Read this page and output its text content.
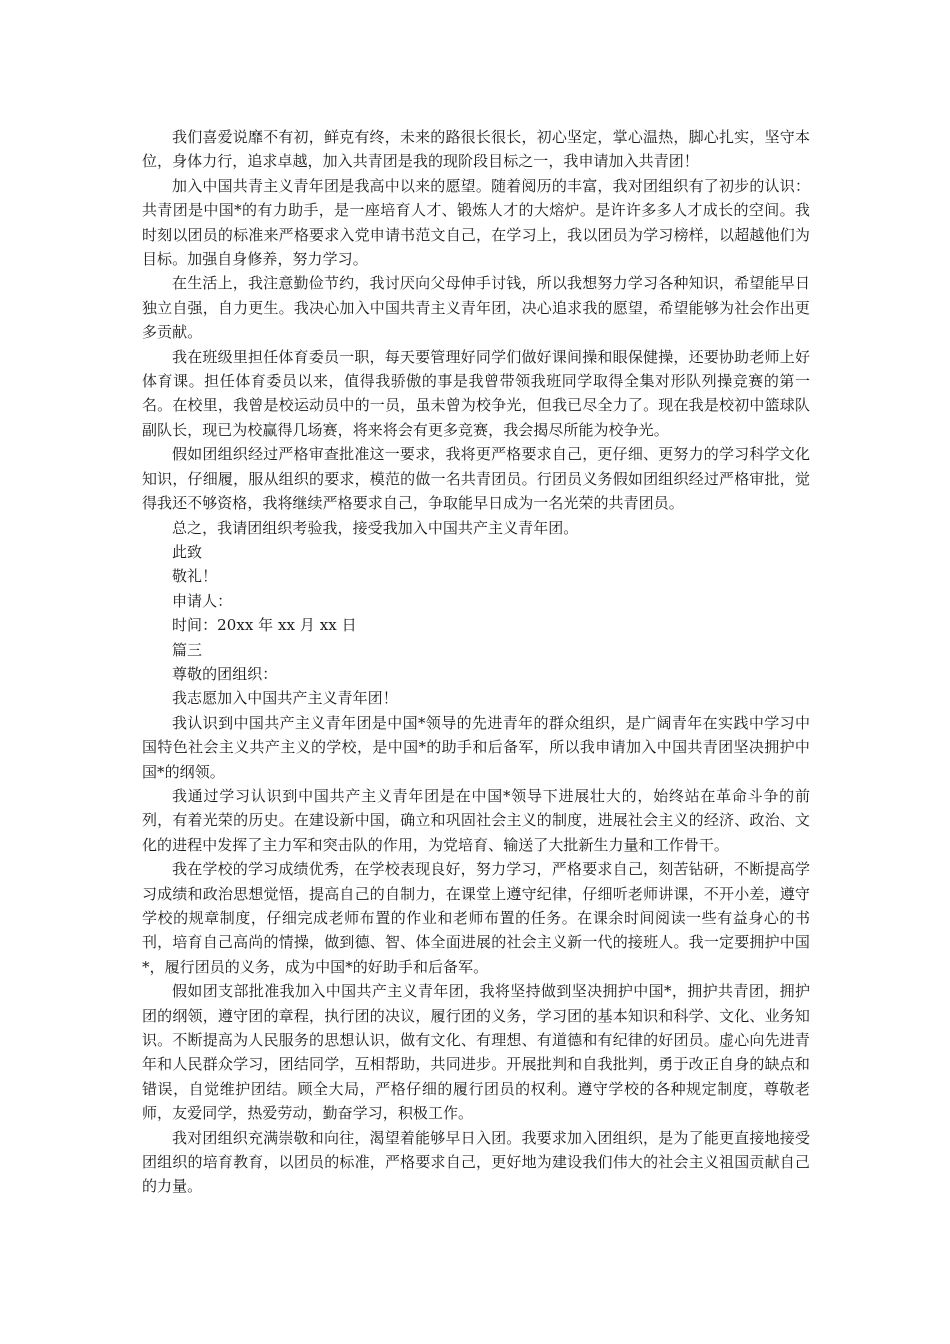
我们喜爱说靡不有初，鲜克有终，未来的路很长很长，初心坚定，掌心温热，脚心扎实，坚守本位，身体力行，追求卓越，加入共青团是我的现阶段目标之一，我申请加入共青团！

加入中国共青主义青年团是我高中以来的愿望。随着阅历的丰富，我对团组织有了初步的认识：共青团是中国*的有力助手，是一座培育人才、锻炼人才的大熔炉。是许许多多人才成长的空间。我时刻以团员的标准来严格要求入党申请书范文自己，在学习上，我以团员为学习榜样，以超越他们为目标。加强自身修养，努力学习。

在生活上，我注意勤俭节约，我讨厌向父母伸手讨钱，所以我想努力学习各种知识，希望能早日独立自强，自力更生。我决心加入中国共青主义青年团，决心追求我的愿望，希望能够为社会作出更多贡献。

我在班级里担任体育委员一职，每天要管理好同学们做好课间操和眼保健操，还要协助老师上好体育课。担任体育委员以来，值得我骄傲的事是我曾带领我班同学取得全集对形队列操竞赛的第一名。在校里，我曾是校运动员中的一员，虽未曾为校争光，但我已尽全力了。现在我是校初中篮球队副队长，现已为校赢得几场赛，将来将会有更多竞赛，我会揭尽所能为校争光。

假如团组织经过严格审查批准这一要求，我将更严格要求自己，更仔细、更努力的学习科学文化知识，仔细履，服从组织的要求，模范的做一名共青团员。行团员义务假如团组织经过严格审批，觉得我还不够资格，我将继续严格要求自己，争取能早日成为一名光荣的共青团员。

总之，我请团组织考验我，接受我加入中国共产主义青年团。

此致

敬礼！

申请人：

时间：20xx 年 xx 月 xx 日

篇三

尊敬的团组织：

我志愿加入中国共产主义青年团！

我认识到中国共产主义青年团是中国*领导的先进青年的群众组织，是广阔青年在实践中学习中国特色社会主义共产主义的学校，是中国*的助手和后备军，所以我申请加入中国共青团坚决拥护中国*的纲领。

我通过学习认识到中国共产主义青年团是在中国*领导下进展壮大的，始终站在革命斗争的前列，有着光荣的历史。在建设新中国，确立和巩固社会主义的制度，进展社会主义的经济、政治、文化的进程中发挥了主力军和突击队的作用，为党培育、输送了大批新生力量和工作骨干。

我在学校的学习成绩优秀，在学校表现良好，努力学习，严格要求自己，刻苦钻研，不断提高学习成绩和政治思想觉悟，提高自己的自制力，在课堂上遵守纪律，仔细听老师讲课，不开小差，遵守学校的规章制度，仔细完成老师布置的作业和老师布置的任务。在课余时间阅读一些有益身心的书刊，培育自己高尚的情操，做到德、智、体全面进展的社会主义新一代的接班人。我一定要拥护中国*，履行团员的义务，成为中国*的好助手和后备军。

假如团支部批准我加入中国共产主义青年团，我将坚持做到坚决拥护中国*，拥护共青团，拥护团的纲领，遵守团的章程，执行团的决议，履行团的义务，学习团的基本知识和科学、文化、业务知识。不断提高为人民服务的思想认识，做有文化、有理想、有道德和有纪律的好团员。虚心向先进青年和人民群众学习，团结同学，互相帮助，共同进步。开展批判和自我批判，勇于改正自身的缺点和错误，自觉维护团结。顾全大局，严格仔细的履行团员的权利。遵守学校的各种规定制度，尊敬老师，友爱同学，热爱劳动，勤奋学习，积极工作。

我对团组织充满崇敬和向往，渴望着能够早日入团。我要求加入团组织，是为了能更直接地接受团组织的培育教育，以团员的标准，严格要求自己，更好地为建设我们伟大的社会主义祖国贡献自己的力量。
